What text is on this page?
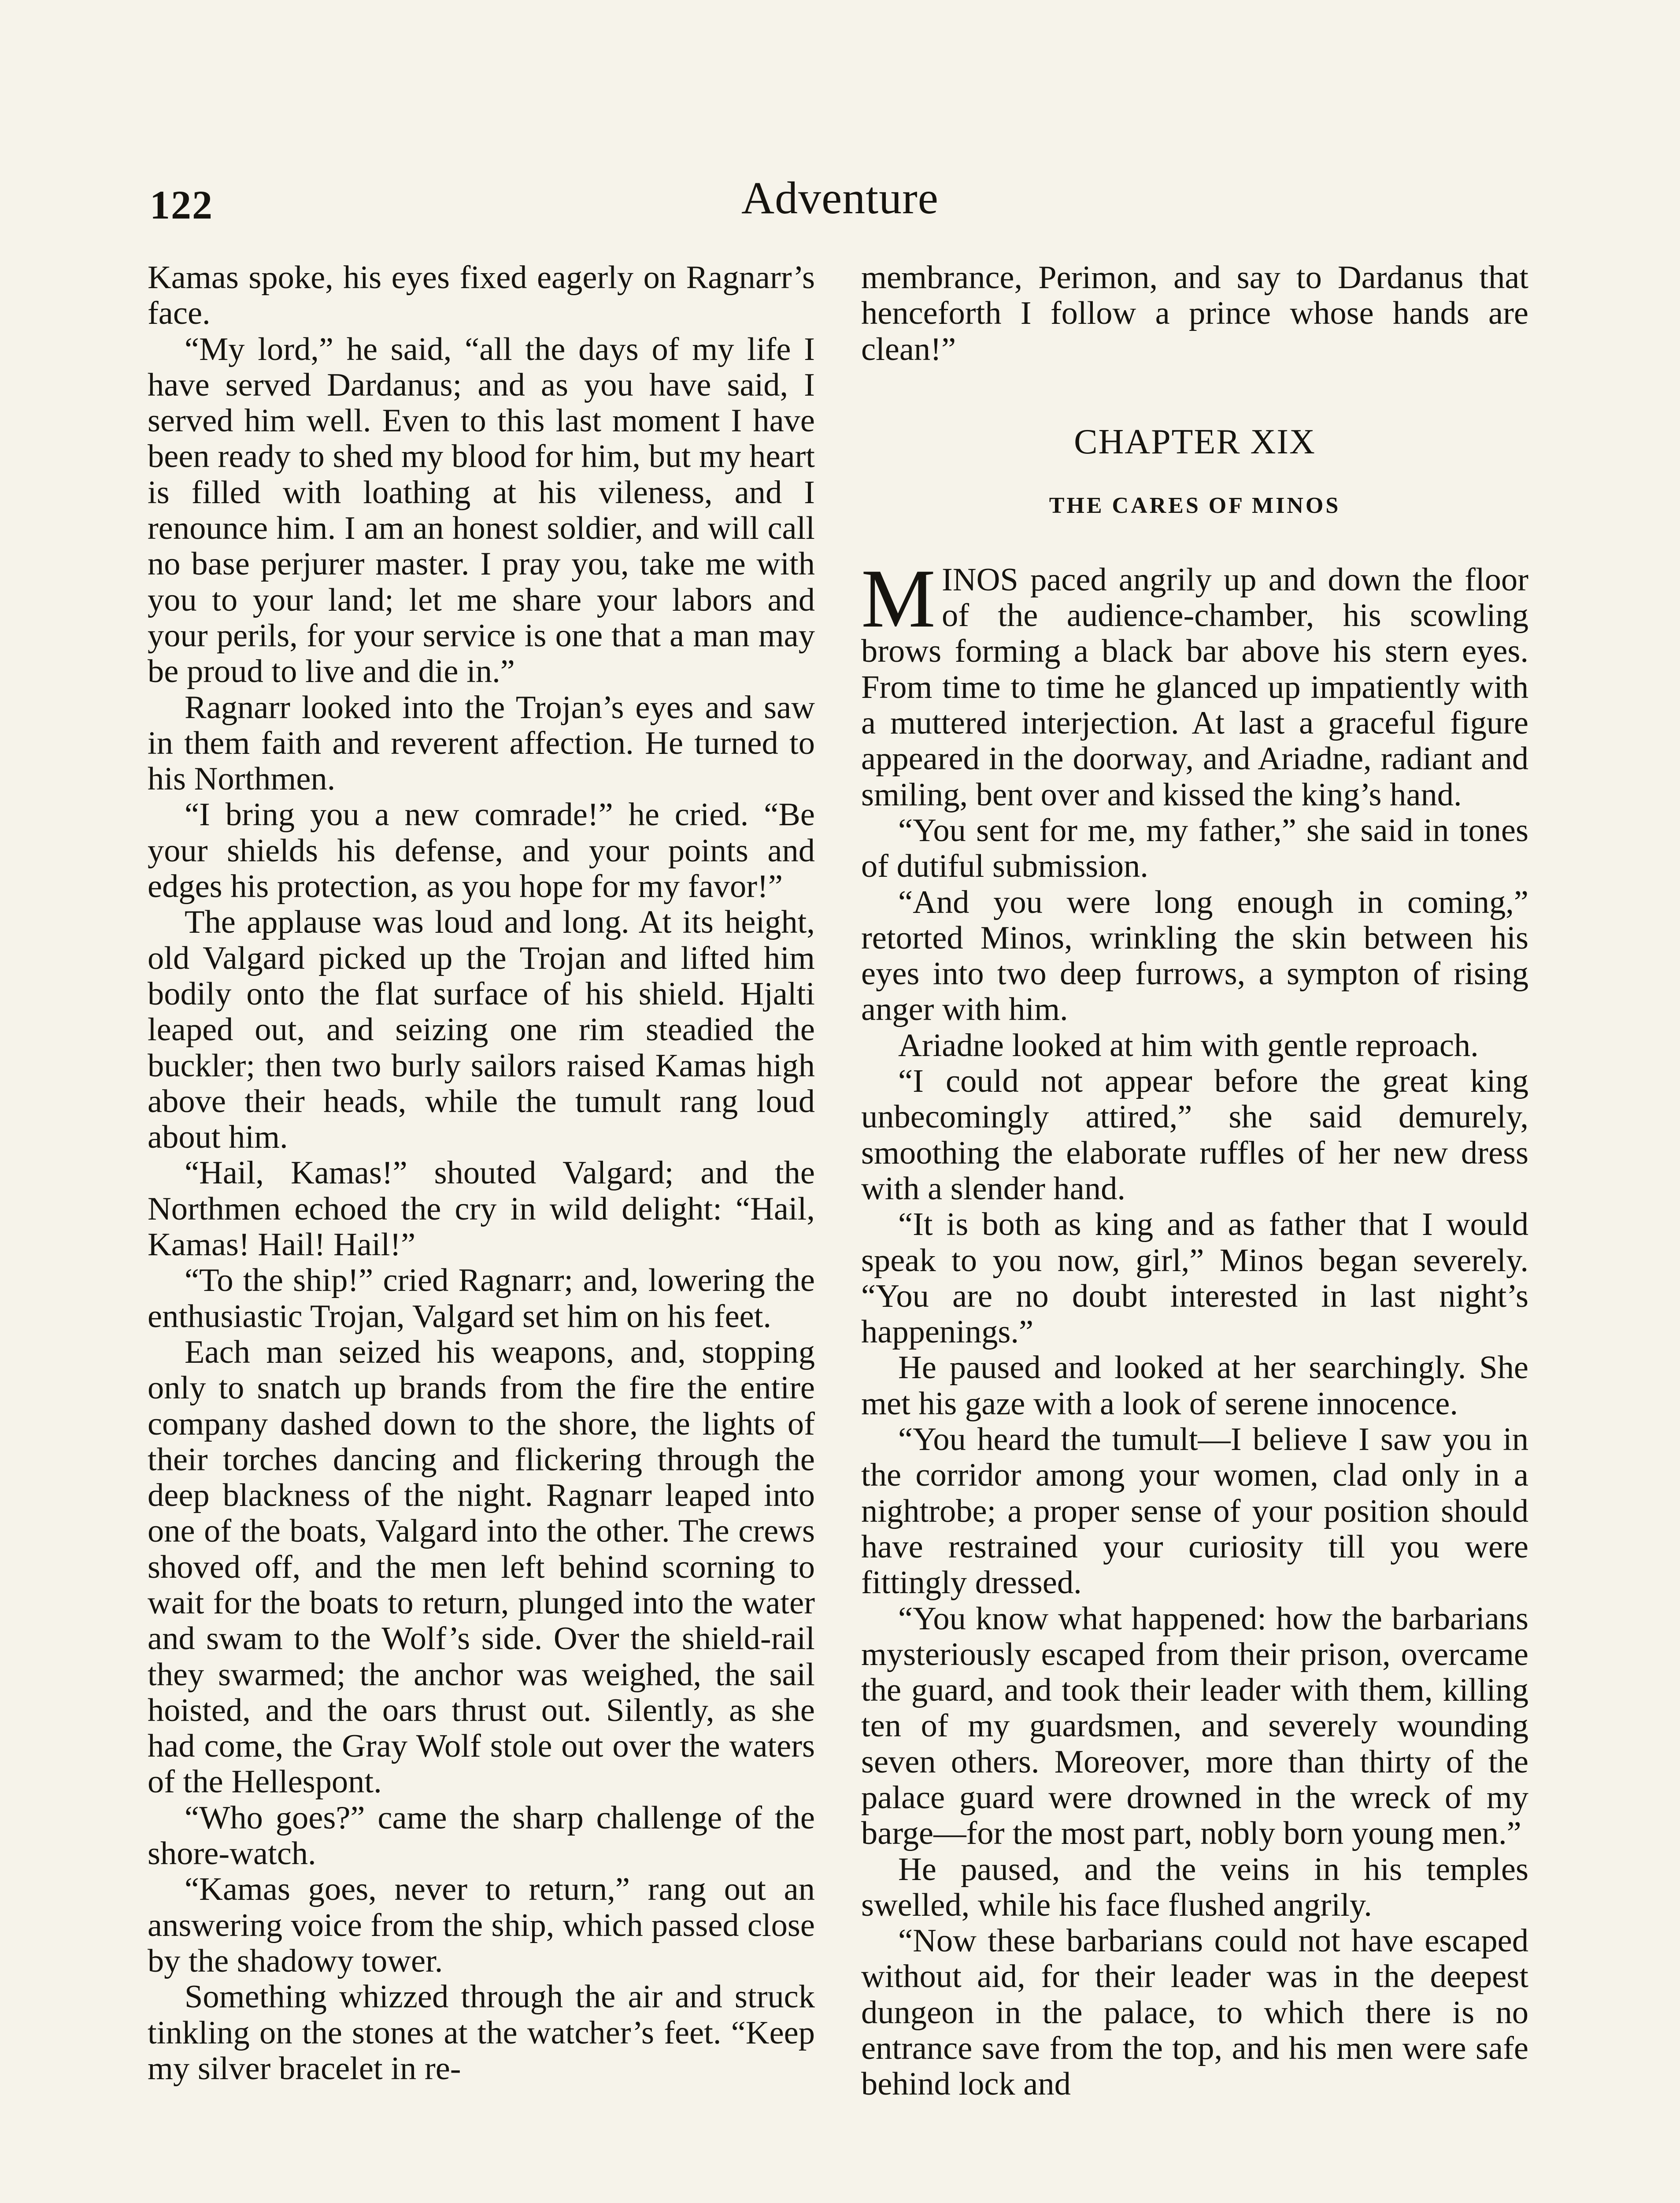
122	Adventure

Kamas spoke, his eyes fixed eagerly on Ragnarr’s face.

“My lord,” he said, “all the days of my life I have served Dardanus; and as you have said, I served him well. Even to this last moment I have been ready to shed my blood for him, but my heart is filled with loathing at his vileness, and I renounce him. I am an honest soldier, and will call no base perjurer master. I pray you, take me with you to your land; let me share your labors and your perils, for your service is one that a man may be proud to live and die in.”

Ragnarr looked into the Trojan’s eyes and saw in them faith and reverent affection. He turned to his Northmen.

“I bring you a new comrade!” he cried. “Be your shields his defense, and your points and edges his protection, as you hope for my favor!”

The applause was loud and long. At its height, old Valgard picked up the Trojan and lifted him bodily onto the flat surface of his shield. Hjalti leaped out, and seizing one rim steadied the buckler; then two burly sailors raised Kamas high above their heads, while the tumult rang loud about him.

“Hail, Kamas!” shouted Valgard; and the Northmen echoed the cry in wild delight: “Hail, Kamas! Hail! Hail!”

“To the ship!” cried Ragnarr; and, lowering the enthusiastic Trojan, Valgard set him on his feet.

Each man seized his weapons, and, stopping only to snatch up brands from the fire the entire company dashed down to the shore, the lights of their torches dancing and flickering through the deep blackness of the night. Ragnarr leaped into one of the boats, Valgard into the other. The crews shoved off, and the men left behind scorning to wait for the boats to return, plunged into the water and swam to the Wolf’s side. Over the shield-rail they swarmed; the anchor was weighed, the sail hoisted, and the oars thrust out. Silently, as she had come, the Gray Wolf stole out over the waters of the Hellespont.

“Who goes?” came the sharp challenge of the shore-watch.

“Kamas goes, never to return,” rang out an answering voice from the ship, which passed close by the shadowy tower.

Something whizzed through the air and struck tinkling on the stones at the watcher’s feet. “Keep my silver bracelet in re-

membrance, Perimon, and say to Dardanus that henceforth I follow a prince whose hands are clean!”

CHAPTER XIX
THE CARES OF MINOS

MINOS paced angrily up and down the floor of the audience-chamber, his scowling brows forming a black bar above his stern eyes. From time to time he glanced up impatiently with a muttered interjection. At last a graceful figure appeared in the doorway, and Ariadne, radiant and smiling, bent over and kissed the king’s hand.

“You sent for me, my father,” she said in tones of dutiful submission.

“And you were long enough in coming,” retorted Minos, wrinkling the skin between his eyes into two deep furrows, a sympton of rising anger with him.

Ariadne looked at him with gentle reproach.

“I could not appear before the great king unbecomingly attired,” she said demurely, smoothing the elaborate ruffles of her new dress with a slender hand.

“It is both as king and as father that I would speak to you now, girl,” Minos began severely. “You are no doubt interested in last night’s happenings.”

He paused and looked at her searchingly. She met his gaze with a look of serene innocence.

“You heard the tumult—I believe I saw you in the corridor among your women, clad only in a nightrobe; a proper sense of your position should have restrained your curiosity till you were fittingly dressed.

“You know what happened: how the barbarians mysteriously escaped from their prison, overcame the guard, and took their leader with them, killing ten of my guardsmen, and severely wounding seven others. Moreover, more than thirty of the palace guard were drowned in the wreck of my barge—for the most part, nobly born young men.”

He paused, and the veins in his temples swelled, while his face flushed angrily.

“Now these barbarians could not have escaped without aid, for their leader was in the deepest dungeon in the palace, to which there is no entrance save from the top, and his men were safe behind lock and
